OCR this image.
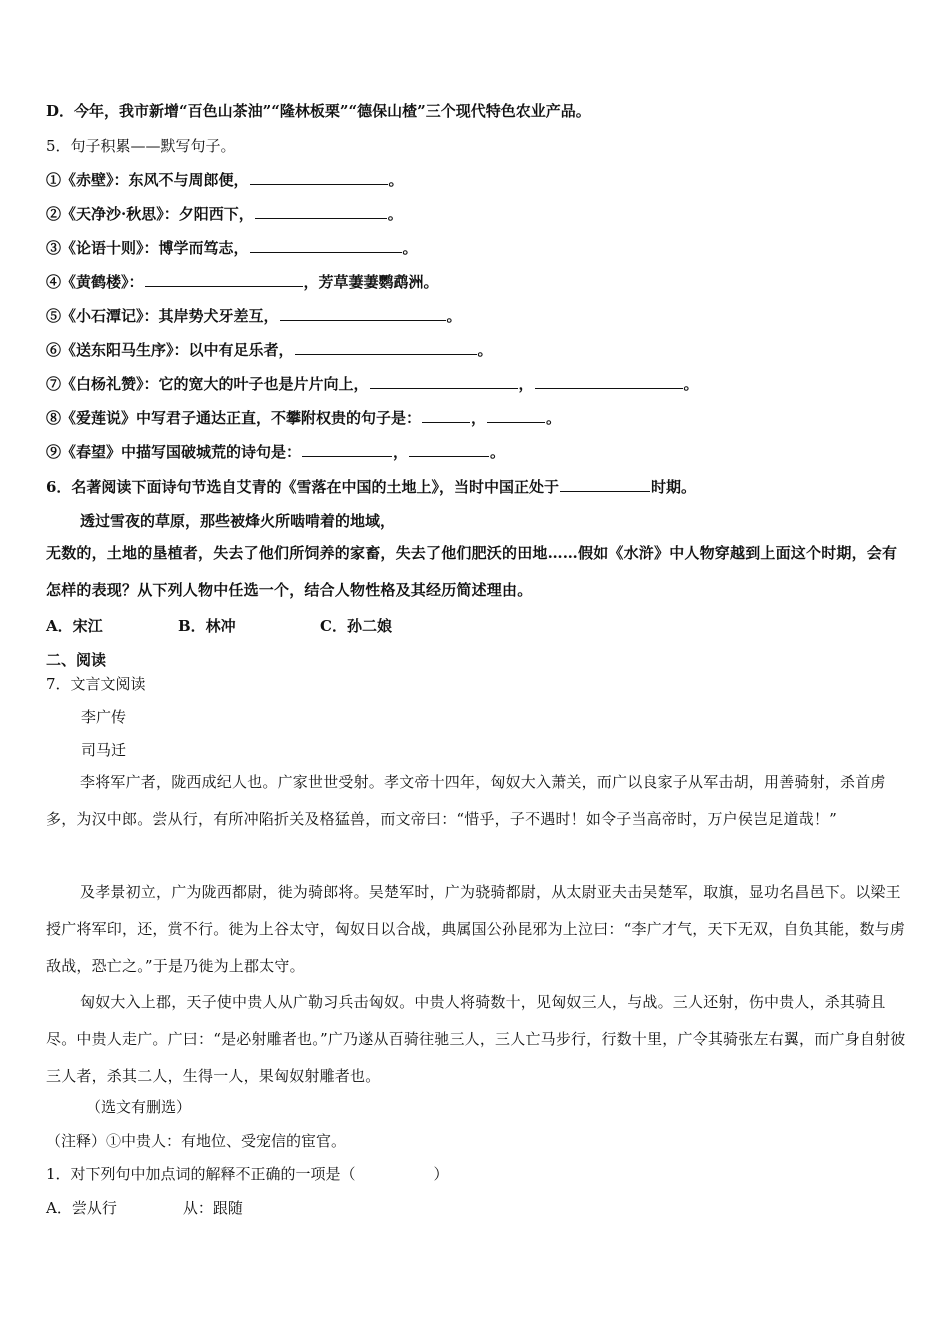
D．今年，我市新增“百色山茶油”“隆林板栗”“德保山楂”三个现代特色农业产品。
5．句子积累——默写句子。
①《赤壁》：东风不与周郎便，	。
②《天净沙·秋思》：夕阳西下，	。
③《论语十则》：博学而笃志，	。
④《黄鹤楼》：	，芳草萋萋鹦鹉洲。
⑤《小石潭记》：其岸势犬牙差互，	。
⑥《送东阳马生序》：以中有足乐者，	。
⑦《白杨礼赞》：它的宽大的叶子也是片片向上，	，	。
⑧《爱莲说》中写君子通达正直，不攀附权贵的句子是：	，	。
⑨《春望》中描写国破城荒的诗句是：	，	。
6．名著阅读下面诗句节选自艾青的《雪落在中国的土地上》，当时中国正处于	时期。
透过雪夜的草原，那些被烽火所啮啃着的地域，
无数的，土地的垦植者，失去了他们所饲养的家畜，失去了他们肥沃的田地……假如《水浒》中人物穿越到上面这个时期，会有怎样的表现？从下列人物中任选一个，结合人物性格及其经历简述理由。
A．宋江	B．林冲	C．孙二娘
二、阅读
7．文言文阅读
李广传
司马迁
李将军广者，陇西成纪人也。广家世世受射。孝文帝十四年，匈奴大入萧关，而广以良家子从军击胡，用善骑射，杀首虏多，为汉中郎。尝从行，有所冲陷折关及格猛兽，而文帝曰：“惜乎，子不遇时！如令子当高帝时，万户侯岂足道哉！”
及孝景初立，广为陇西都尉，徙为骑郎将。吴楚军时，广为骁骑都尉，从太尉亚夫击吴楚军，取旗，显功名昌邑下。以梁王授广将军印，还，赏不行。徙为上谷太守，匈奴日以合战，典属国公孙昆邪为上泣曰：“李广才气，天下无双，自负其能，数与虏敌战，恐亡之。”于是乃徙为上郡太守。
匈奴大入上郡，天子使中贵人从广勒习兵击匈奴。中贵人将骑数十，见匈奴三人，与战。三人还射，伤中贵人，杀其骑且尽。中贵人走广。广曰：“是必射雕者也。”广乃遂从百骑往驰三人，三人亡马步行，行数十里，广令其骑张左右翼，而广身自射彼三人者，杀其二人，生得一人，果匈奴射雕者也。
（选文有删选）
（注释）①中贵人：有地位、受宠信的宦官。
1．对下列句中加点词的解释不正确的一项是（	）
A．尝从行	从：跟随
